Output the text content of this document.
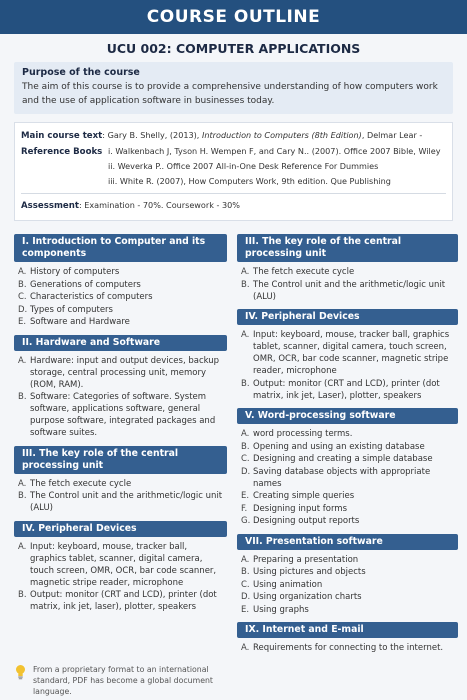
COURSE OUTLINE
UCU 002: COMPUTER APPLICATIONS
Purpose of the course
The aim of this course is to provide a comprehensive understanding of how computers work and the use of application software in businesses today.
Main course text: Gary B. Shelly, (2013), Introduction to Computers (8th Edition), Delmar Lear -
Reference Books i. Walkenbach J, Tyson H. Wempen F, and Cary N.. (2007). Office 2007 Bible, Wiley
ii. Weverka P.. Office 2007 All-in-One Desk Reference For Dummies
iii. White R. (2007), How Computers Work, 9th edition. Que Publishing
Assessment: Examination - 70%. Coursework - 30%
I. Introduction to Computer and its components
A. History of computers
B. Generations of computers
C. Characteristics of computers
D. Types of computers
E. Software and Hardware
II. Hardware and Software
A. Hardware: input and output devices, backup storage, central processing unit, memory (ROM, RAM).
B. Software: Categories of software. System software, applications software, general purpose software, integrated packages and software suites.
III. The key role of the central processing unit
A. The fetch execute cycle
B. The Control unit and the arithmetic/logic unit (ALU)
IV. Peripheral Devices
A. Input: keyboard, mouse, tracker ball, graphics tablet, scanner, digital camera, touch screen, OMR, OCR, bar code scanner, magnetic stripe reader, microphone
B. Output: monitor (CRT and LCD), printer (dot matrix, ink jet, laser), plotter, speakers
III. The key role of the central processing unit
A. The fetch execute cycle
B. The Control unit and the arithmetic/logic unit (ALU)
IV. Peripheral Devices
A. Input: keyboard, mouse, tracker ball, graphics tablet, scanner, digital camera, touch screen, OMR, OCR, bar code scanner, magnetic stripe reader, microphone
B. Output: monitor (CRT and LCD), printer (dot matrix, ink jet, Laser), plotter, speakers
V. Word-processing software
A. word processing terms.
B. Opening and using an existing database
C. Designing and creating a simple database
D. Saving database objects with appropriate names
E. Creating simple queries
F. Designing input forms
G. Designing output reports
VII. Presentation software
A. Preparing a presentation
B. Using pictures and objects
C. Using animation
D. Using organization charts
E. Using graphs
IX. Internet and E-mail
A. Requirements for connecting to the internet.
From a proprietary format to an international standard, PDF has become a global document language.
